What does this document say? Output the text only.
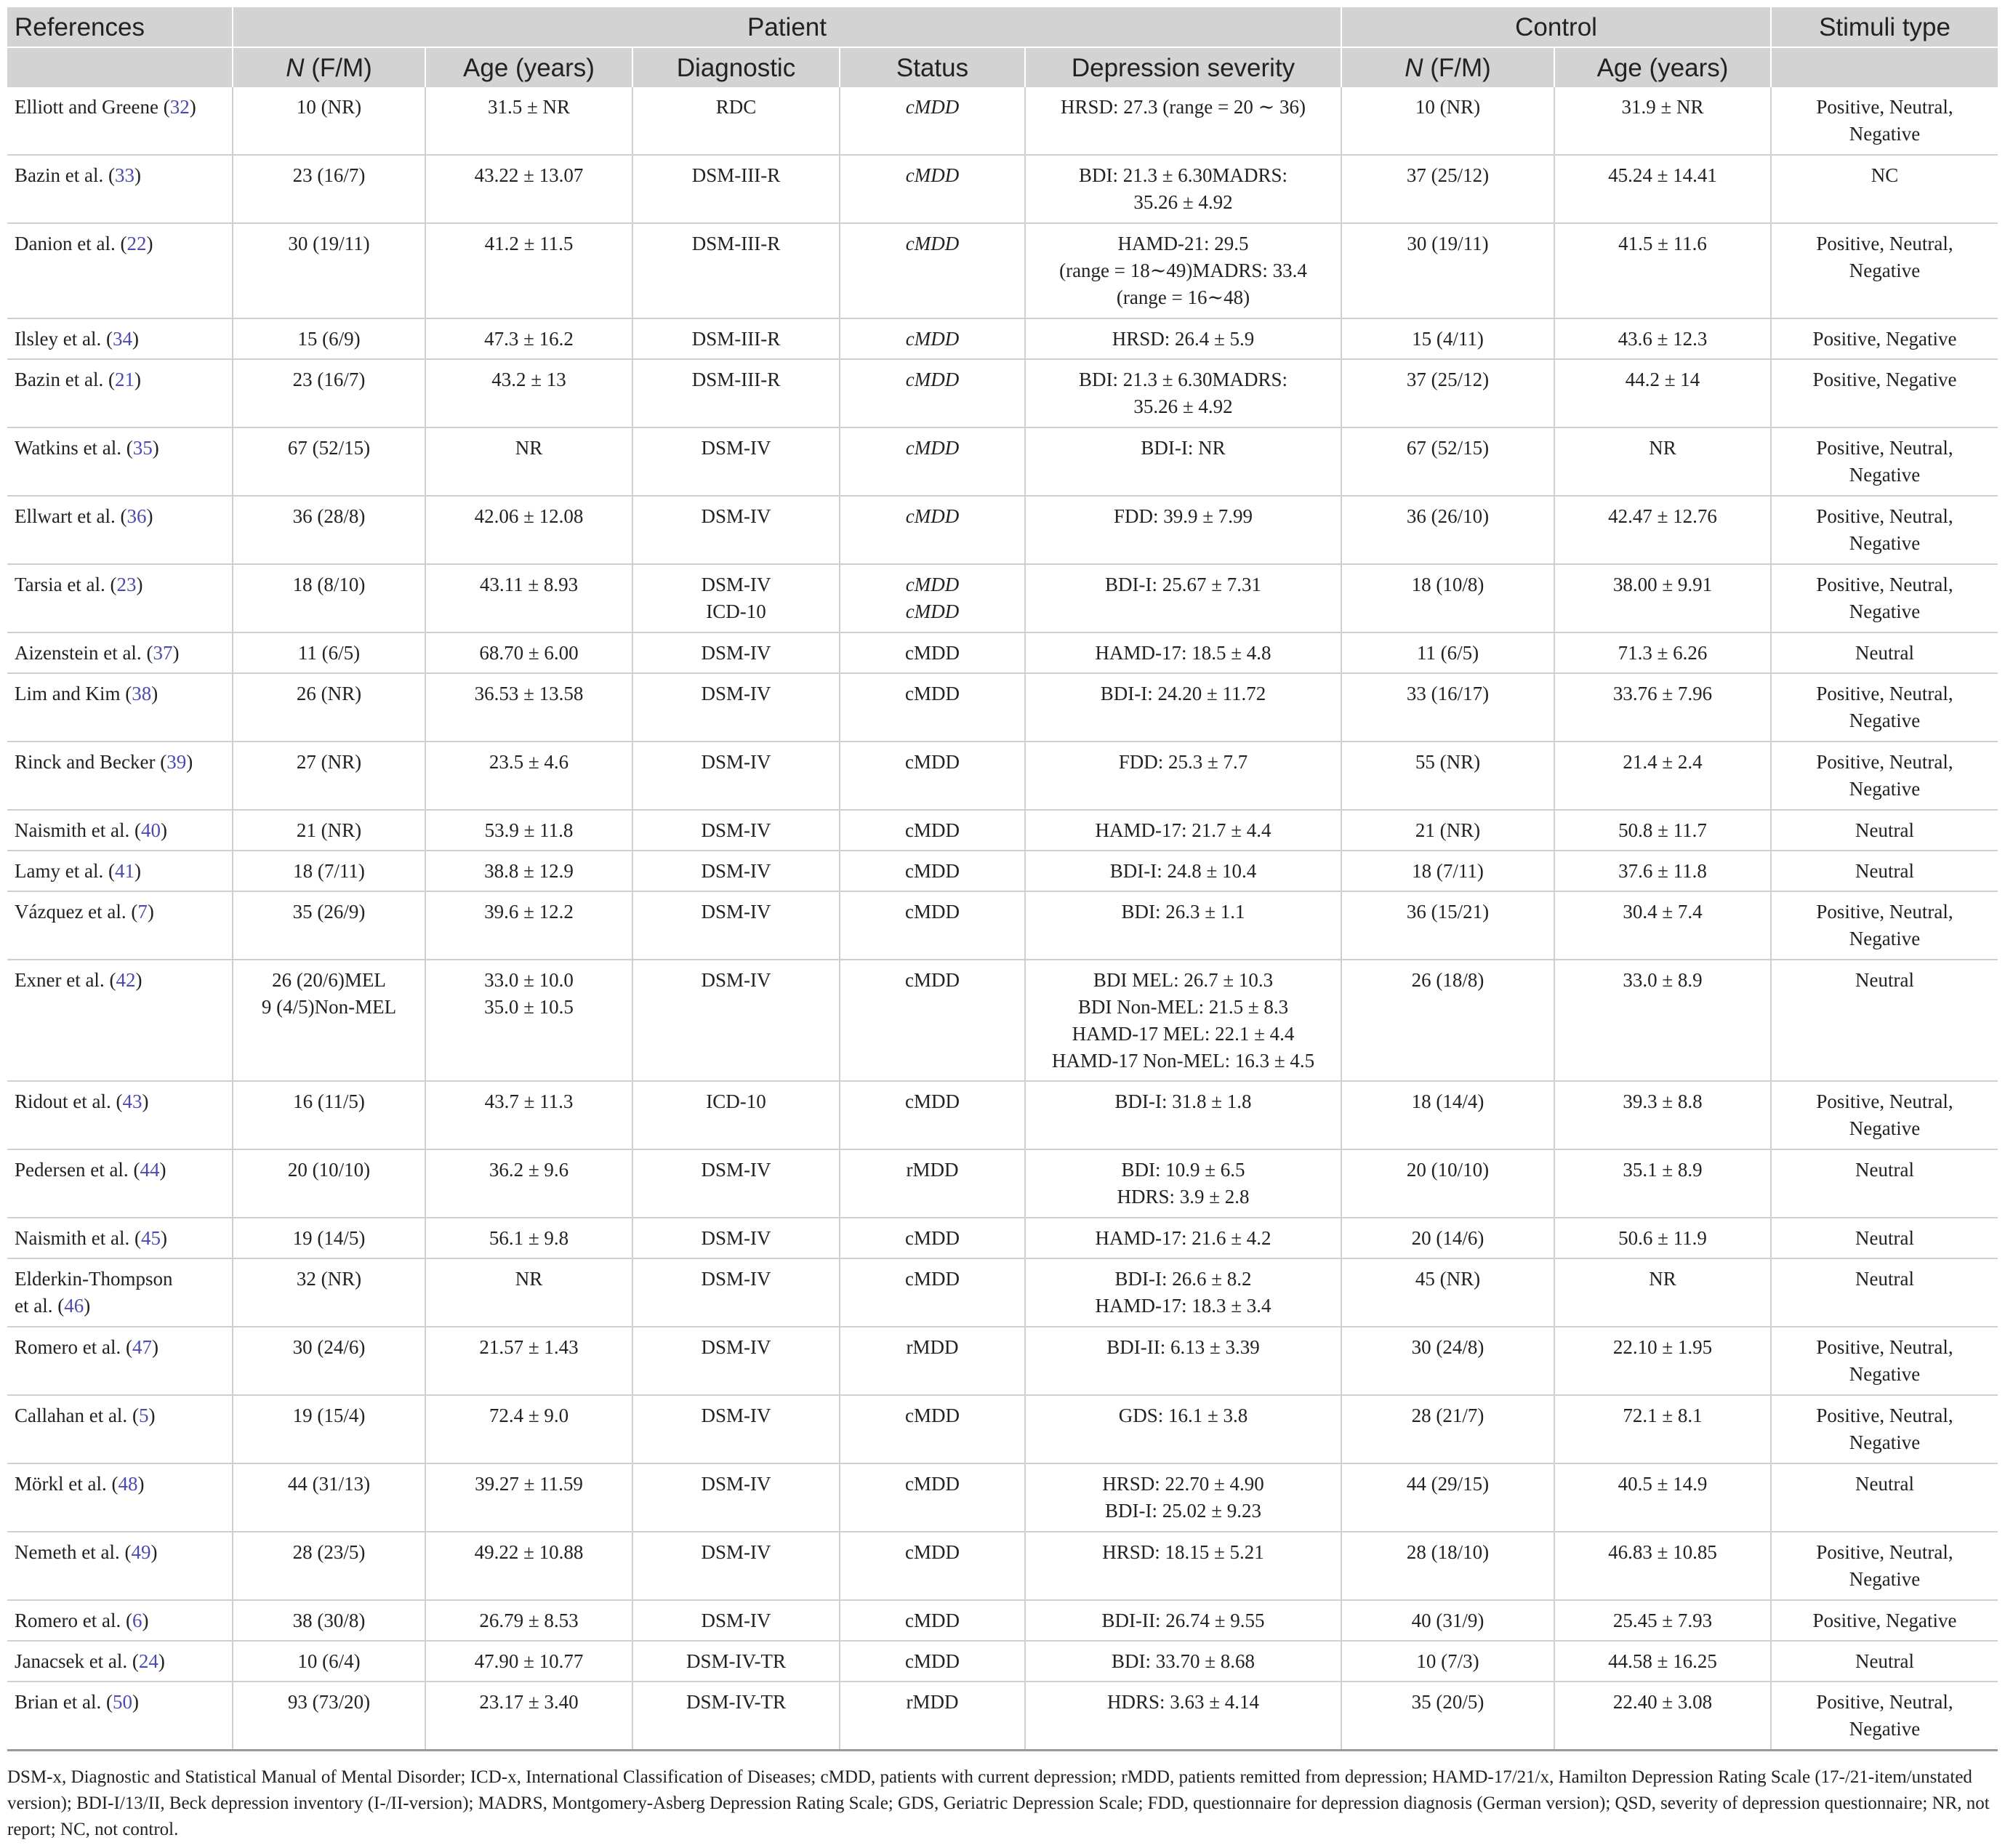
References	Patient					Control		Stimuli type
	N (F/M)	Age (years)	Diagnostic	Status	Depression severity	N (F/M)	Age (years)	
Elliott and Greene (32)	10 (NR)	31.5 ± NR	RDC	cMDD	HRSD: 27.3 (range = 20 ∼ 36)	10 (NR)	31.9 ± NR	Positive, Neutral,
Negative

Bazin et al. (33)	23 (16/7)	43.22 ± 13.07	DSM-III-R	cMDD	BDI: 21.3 ± 6.30MADRS:
35.26 ± 4.92	37 (25/12)	45.24 ± 14.41	NC

Danion et al. (22)	30 (19/11)	41.2 ± 11.5	DSM-III-R	cMDD	HAMD-21: 29.5
(range = 18∼49)MADRS: 33.4
(range = 16∼48)	30 (19/11)	41.5 ± 11.6	Positive, Neutral,
Negative

Ilsley et al. (34)	15 (6/9)	47.3 ± 16.2	DSM-III-R	cMDD	HRSD: 26.4 ± 5.9	15 (4/11)	43.6 ± 12.3	Positive, Negative

Bazin et al. (21)	23 (16/7)	43.2 ± 13	DSM-III-R	cMDD	BDI: 21.3 ± 6.30MADRS:
35.26 ± 4.92	37 (25/12)	44.2 ± 14	Positive, Negative

Watkins et al. (35)	67 (52/15)	NR	DSM-IV	cMDD	BDI-I: NR	67 (52/15)	NR	Positive, Neutral,
Negative

Ellwart et al. (36)	36 (28/8)	42.06 ± 12.08	DSM-IV	cMDD	FDD: 39.9 ± 7.99	36 (26/10)	42.47 ± 12.76	Positive, Neutral,
Negative

Tarsia et al. (23)	18 (8/10)	43.11 ± 8.93	DSM-IV
ICD-10	cMDD
cMDD	BDI-I: 25.67 ± 7.31	18 (10/8)	38.00 ± 9.91	Positive, Neutral,
Negative

Aizenstein et al. (37)	11 (6/5)	68.70 ± 6.00	DSM-IV	cMDD	HAMD-17: 18.5 ± 4.8	11 (6/5)	71.3 ± 6.26	Neutral

Lim and Kim (38)	26 (NR)	36.53 ± 13.58	DSM-IV	cMDD	BDI-I: 24.20 ± 11.72	33 (16/17)	33.76 ± 7.96	Positive, Neutral,
Negative

Rinck and Becker (39)	27 (NR)	23.5 ± 4.6	DSM-IV	cMDD	FDD: 25.3 ± 7.7	55 (NR)	21.4 ± 2.4	Positive, Neutral,
Negative

Naismith et al. (40)	21 (NR)	53.9 ± 11.8	DSM-IV	cMDD	HAMD-17: 21.7 ± 4.4	21 (NR)	50.8 ± 11.7	Neutral

Lamy et al. (41)	18 (7/11)	38.8 ± 12.9	DSM-IV	cMDD	BDI-I: 24.8 ± 10.4	18 (7/11)	37.6 ± 11.8	Neutral

Vázquez et al. (7)	35 (26/9)	39.6 ± 12.2	DSM-IV	cMDD	BDI: 26.3 ± 1.1	36 (15/21)	30.4 ± 7.4	Positive, Neutral,
Negative

Exner et al. (42)	26 (20/6)MEL
9 (4/5)Non-MEL	33.0 ± 10.0
35.0 ± 10.5	DSM-IV	cMDD	BDI MEL: 26.7 ± 10.3
BDI Non-MEL: 21.5 ± 8.3
HAMD-17 MEL: 22.1 ± 4.4
HAMD-17 Non-MEL: 16.3 ± 4.5	26 (18/8)	33.0 ± 8.9	Neutral

Ridout et al. (43)	16 (11/5)	43.7 ± 11.3	ICD-10	cMDD	BDI-I: 31.8 ± 1.8	18 (14/4)	39.3 ± 8.8	Positive, Neutral,
Negative

Pedersen et al. (44)	20 (10/10)	36.2 ± 9.6	DSM-IV	rMDD	BDI: 10.9 ± 6.5
HDRS: 3.9 ± 2.8	20 (10/10)	35.1 ± 8.9	Neutral

Naismith et al. (45)	19 (14/5)	56.1 ± 9.8	DSM-IV	cMDD	HAMD-17: 21.6 ± 4.2	20 (14/6)	50.6 ± 11.9	Neutral

Elderkin-Thompson
et al. (46)	32 (NR)	NR	DSM-IV	cMDD	BDI-I: 26.6 ± 8.2
HAMD-17: 18.3 ± 3.4	45 (NR)	NR	Neutral

Romero et al. (47)	30 (24/6)	21.57 ± 1.43	DSM-IV	rMDD	BDI-II: 6.13 ± 3.39	30 (24/8)	22.10 ± 1.95	Positive, Neutral,
Negative

Callahan et al. (5)	19 (15/4)	72.4 ± 9.0	DSM-IV	cMDD	GDS: 16.1 ± 3.8	28 (21/7)	72.1 ± 8.1	Positive, Neutral,
Negative

Mörkl et al. (48)	44 (31/13)	39.27 ± 11.59	DSM-IV	cMDD	HRSD: 22.70 ± 4.90
BDI-I: 25.02 ± 9.23	44 (29/15)	40.5 ± 14.9	Neutral

Nemeth et al. (49)	28 (23/5)	49.22 ± 10.88	DSM-IV	cMDD	HRSD: 18.15 ± 5.21	28 (18/10)	46.83 ± 10.85	Positive, Neutral,
Negative

Romero et al. (6)	38 (30/8)	26.79 ± 8.53	DSM-IV	cMDD	BDI-II: 26.74 ± 9.55	40 (31/9)	25.45 ± 7.93	Positive, Negative

Janacsek et al. (24)	10 (6/4)	47.90 ± 10.77	DSM-IV-TR	cMDD	BDI: 33.70 ± 8.68	10 (7/3)	44.58 ± 16.25	Neutral

Brian et al. (50)	93 (73/20)	23.17 ± 3.40	DSM-IV-TR	rMDD	HDRS: 3.63 ± 4.14	35 (20/5)	22.40 ± 3.08	Positive, Neutral,
Negative
DSM-x, Diagnostic and Statistical Manual of Mental Disorder; ICD-x, International Classification of Diseases; cMDD, patients with current depression; rMDD, patients remitted from depression; HAMD-17/21/x, Hamilton Depression Rating Scale (17-/21-item/unstated version); BDI-I/13/II, Beck depression inventory (I-/II-version); MADRS, Montgomery-Asberg Depression Rating Scale; GDS, Geriatric Depression Scale; FDD, questionnaire for depression diagnosis (German version); QSD, severity of depression questionnaire; NR, not report; NC, not control.
